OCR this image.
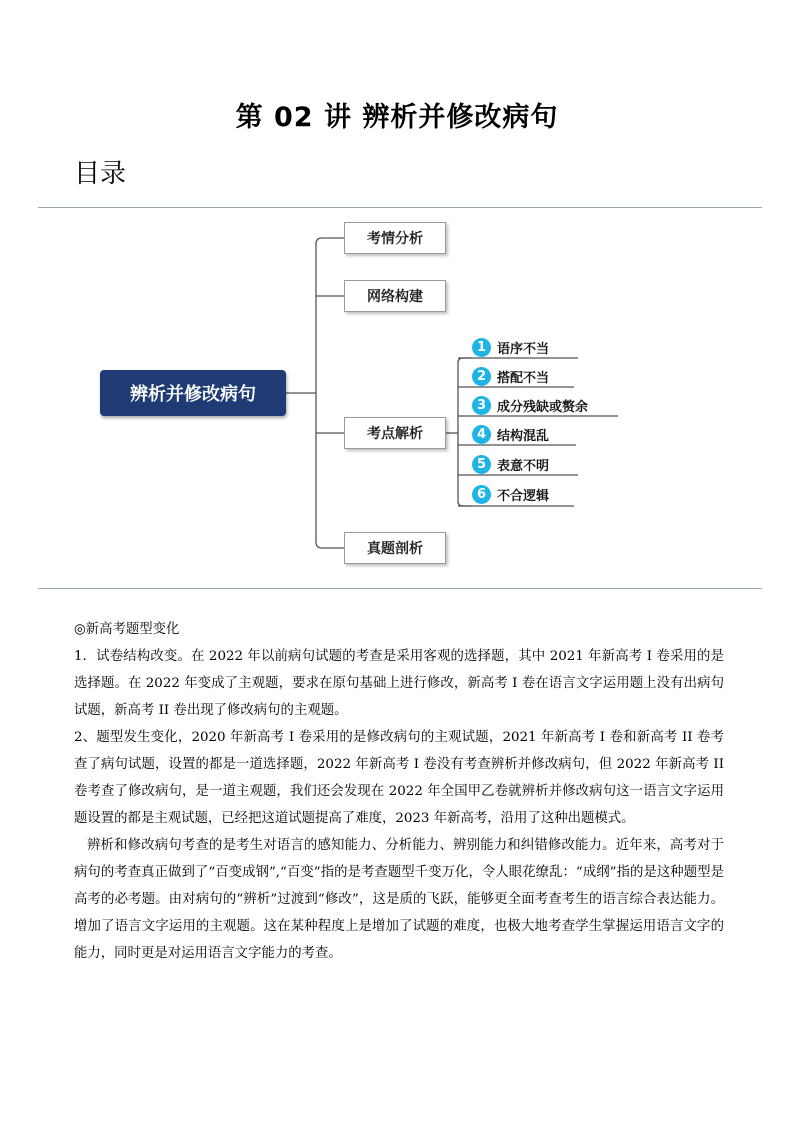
第 02 讲 辨析并修改病句
目录
辨析并修改病句
考情分析
网络构建
考点解析
真题剖析
1 语序不当
2 搭配不当
3 成分残缺或赘余
4 结构混乱
5 表意不明
6 不合逻辑

◎新高考题型变化

1．试卷结构改变。在 2022 年以前病句试题的考查是采用客观的选择题，其中 2021 年新高考 I 卷采用的是选择题。在 2022 年变成了主观题，要求在原句基础上进行修改，新高考 I 卷在语言文字运用题上没有出病句试题，新高考 II 卷出现了修改病句的主观题。

2、题型发生变化，2020 年新高考 I 卷采用的是修改病句的主观试题，2021 年新高考 I 卷和新高考 II 卷考查了病句试题，设置的都是一道选择题，2022 年新高考 I 卷没有考查辨析并修改病句，但 2022 年新高考 II 卷考查了修改病句，是一道主观题，我们还会发现在 2022 年全国甲乙卷就辨析并修改病句这一语言文字运用题设置的都是主观试题，已经把这道试题提高了难度，2023 年新高考，沿用了这种出题模式。

辨析和修改病句考查的是考生对语言的感知能力、分析能力、辨别能力和纠错修改能力。近年来，高考对于病句的考查真正做到了“百变成钢”,“百变”指的是考查题型千变万化，令人眼花缭乱：“成纲”指的是这种题型是高考的必考题。由对病句的“辨析”过渡到“修改”，这是质的飞跃，能够更全面考查考生的语言综合表达能力。增加了语言文字运用的主观题。这在某种程度上是增加了试题的难度，也极大地考查学生掌握运用语言文字的能力，同时更是对运用语言文字能力的考查。
